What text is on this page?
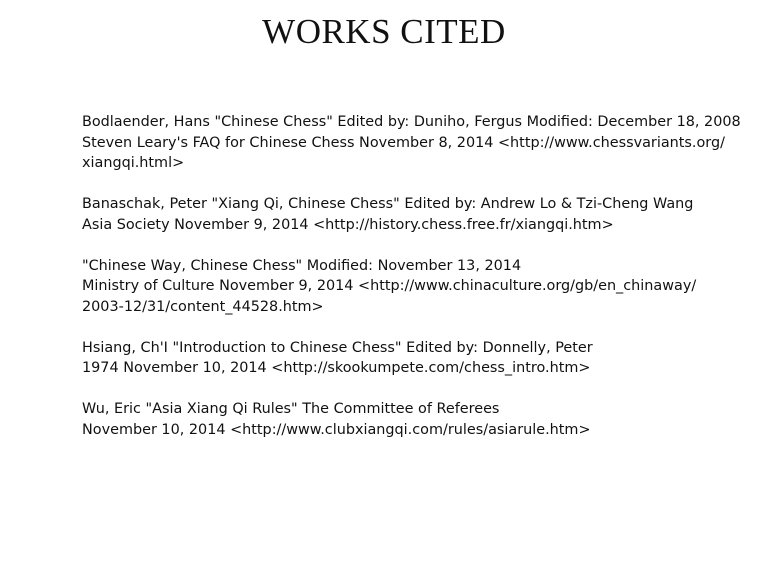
WORKS CITED

Bodlaender, Hans "Chinese Chess" Edited by: Duniho, Fergus Modified: December 18, 2008
Steven Leary's FAQ for Chinese Chess November 8, 2014 <http://www.chessvariants.org/
xiangqi.html>

Banaschak, Peter "Xiang Qi, Chinese Chess" Edited by: Andrew Lo & Tzi-Cheng Wang
Asia Society November 9, 2014 <http://history.chess.free.fr/xiangqi.htm>

"Chinese Way, Chinese Chess" Modified: November 13, 2014
Ministry of Culture November 9, 2014 <http://www.chinaculture.org/gb/en_chinaway/
2003-12/31/content_44528.htm>

Hsiang, Ch'I "Introduction to Chinese Chess" Edited by: Donnelly, Peter
1974 November 10, 2014 <http://skookumpete.com/chess_intro.htm>

Wu, Eric "Asia Xiang Qi Rules" The Committee of Referees
November 10, 2014 <http://www.clubxiangqi.com/rules/asiarule.htm>
